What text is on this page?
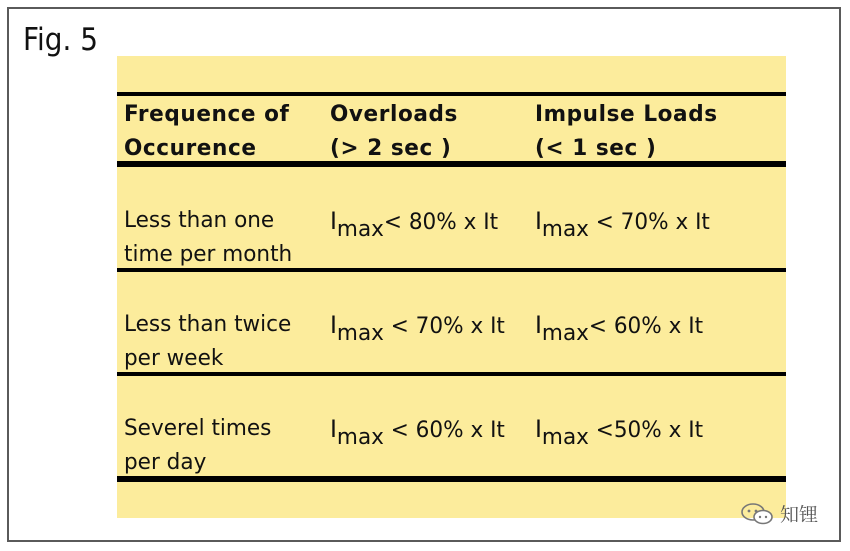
Fig. 5
Frequence of
Occurence
Overloads
(> 2 sec )
Impulse Loads
(< 1 sec )
Less than one
time per month
Imax< 80% x It Imax < 70% x It
Less than twice
per week
Imax < 70% x It Imax< 60% x It
Severel times
per day
Imax < 60% x It Imax <50% x It
知锂
